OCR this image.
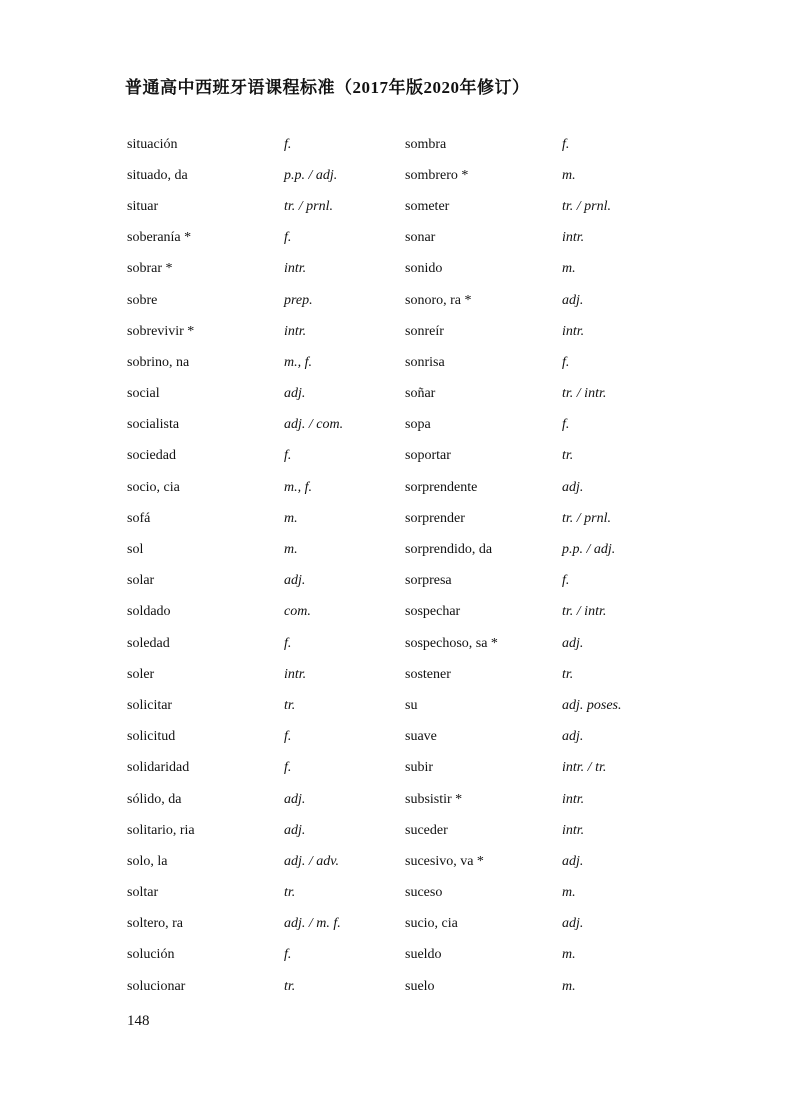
普通高中西班牙语课程标准（2017年版2020年修订）
situación	f.	sombra	f.
situado, da	p.p. / adj.	sombrero *	m.
situar	tr. / prnl.	someter	tr. / prnl.
soberanía *	f.	sonar	intr.
sobrar *	intr.	sonido	m.
sobre	prep.	sonoro, ra *	adj.
sobrevivir *	intr.	sonreír	intr.
sobrino, na	m., f.	sonrisa	f.
social	adj.	soñar	tr. / intr.
socialista	adj. / com.	sopa	f.
sociedad	f.	soportar	tr.
socio, cia	m., f.	sorprendente	adj.
sofá	m.	sorprender	tr. / prnl.
sol	m.	sorprendido, da	p.p. / adj.
solar	adj.	sorpresa	f.
soldado	com.	sospechar	tr. / intr.
soledad	f.	sospechoso, sa *	adj.
soler	intr.	sostener	tr.
solicitar	tr.	su	adj. poses.
solicitud	f.	suave	adj.
solidaridad	f.	subir	intr. / tr.
sólido, da	adj.	subsistir *	intr.
solitario, ria	adj.	suceder	intr.
solo, la	adj. / adv.	sucesivo, va *	adj.
soltar	tr.	suceso	m.
soltero, ra	adj. / m. f.	sucio, cia	adj.
solución	f.	sueldo	m.
solucionar	tr.	suelo	m.
148
